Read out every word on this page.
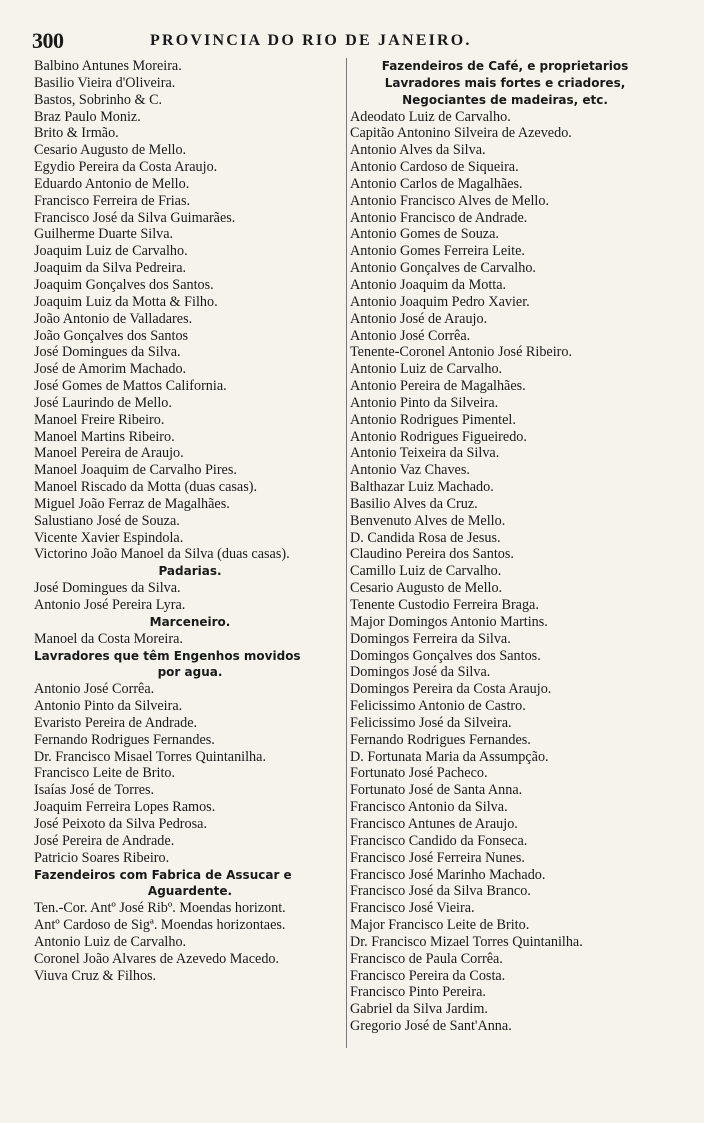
300	PROVINCIA DO RIO DE JANEIRO.
Balbino Antunes Moreira.
Basilio Vieira d'Oliveira.
Bastos, Sobrinho & C.
Braz Paulo Moniz.
Brito & Irmão.
Cesario Augusto de Mello.
Egydio Pereira da Costa Araujo.
Eduardo Antonio de Mello.
Francisco Ferreira de Frias.
Francisco José da Silva Guimarães.
Guilherme Duarte Silva.
Joaquim Luiz de Carvalho.
Joaquim da Silva Pedreira.
Joaquim Gonçalves dos Santos.
Joaquim Luiz da Motta & Filho.
João Antonio de Valladares.
João Gonçalves dos Santos
José Domingues da Silva.
José de Amorim Machado.
José Gomes de Mattos California.
José Laurindo de Mello.
Manoel Freire Ribeiro.
Manoel Martins Ribeiro.
Manoel Pereira de Araujo.
Manoel Joaquim de Carvalho Pires.
Manoel Riscado da Motta (duas casas).
Miguel João Ferraz de Magalhães.
Salustiano José de Souza.
Vicente Xavier Espindola.
Victorino João Manoel da Silva (duas casas).
Padarias.
José Domingues da Silva.
Antonio José Pereira Lyra.
Marceneiro.
Manoel da Costa Moreira.
Lavradores que têm Engenhos movidos
por agua.
Antonio José Corrêa.
Antonio Pinto da Silveira.
Evaristo Pereira de Andrade.
Fernando Rodrigues Fernandes.
Dr. Francisco Misael Torres Quintanilha.
Francisco Leite de Brito.
Isaías José de Torres.
Joaquim Ferreira Lopes Ramos.
José Peixoto da Silva Pedrosa.
José Pereira de Andrade.
Patricio Soares Ribeiro.
Fazendeiros com Fabrica de Assucar e
Aguardente.
Ten.-Cor. Antº José Ribº. Moendas horizont.
Antº Cardoso de Sigª. Moendas horizontaes.
Antonio Luiz de Carvalho.
Coronel João Alvares de Azevedo Macedo.
Viuva Cruz & Filhos.
Fazendeiros de Café, e proprietarios
Lavradores mais fortes e criadores,
Negociantes de madeiras, etc.
Adeodato Luiz de Carvalho.
Capitão Antonino Silveira de Azevedo.
Antonio Alves da Silva.
Antonio Cardoso de Siqueira.
Antonio Carlos de Magalhães.
Antonio Francisco Alves de Mello.
Antonio Francisco de Andrade.
Antonio Gomes de Souza.
Antonio Gomes Ferreira Leite.
Antonio Gonçalves de Carvalho.
Antonio Joaquim da Motta.
Antonio Joaquim Pedro Xavier.
Antonio José de Araujo.
Antonio José Corrêa.
Tenente-Coronel Antonio José Ribeiro.
Antonio Luiz de Carvalho.
Antonio Pereira de Magalhães.
Antonio Pinto da Silveira.
Antonio Rodrigues Pimentel.
Antonio Rodrigues Figueiredo.
Antonio Teixeira da Silva.
Antonio Vaz Chaves.
Balthazar Luiz Machado.
Basilio Alves da Cruz.
Benvenuto Alves de Mello.
D. Candida Rosa de Jesus.
Claudino Pereira dos Santos.
Camillo Luiz de Carvalho.
Cesario Augusto de Mello.
Tenente Custodio Ferreira Braga.
Major Domingos Antonio Martins.
Domingos Ferreira da Silva.
Domingos Gonçalves dos Santos.
Domingos José da Silva.
Domingos Pereira da Costa Araujo.
Felicissimo Antonio de Castro.
Felicissimo José da Silveira.
Fernando Rodrigues Fernandes.
D. Fortunata Maria da Assumpção.
Fortunato José Pacheco.
Fortunato José de Santa Anna.
Francisco Antonio da Silva.
Francisco Antunes de Araujo.
Francisco Candido da Fonseca.
Francisco José Ferreira Nunes.
Francisco José Marinho Machado.
Francisco José da Silva Branco.
Francisco José Vieira.
Major Francisco Leite de Brito.
Dr. Francisco Mizael Torres Quintanilha.
Francisco de Paula Corrêa.
Francisco Pereira da Costa.
Francisco Pinto Pereira.
Gabriel da Silva Jardim.
Gregorio José de Sant'Anna.
